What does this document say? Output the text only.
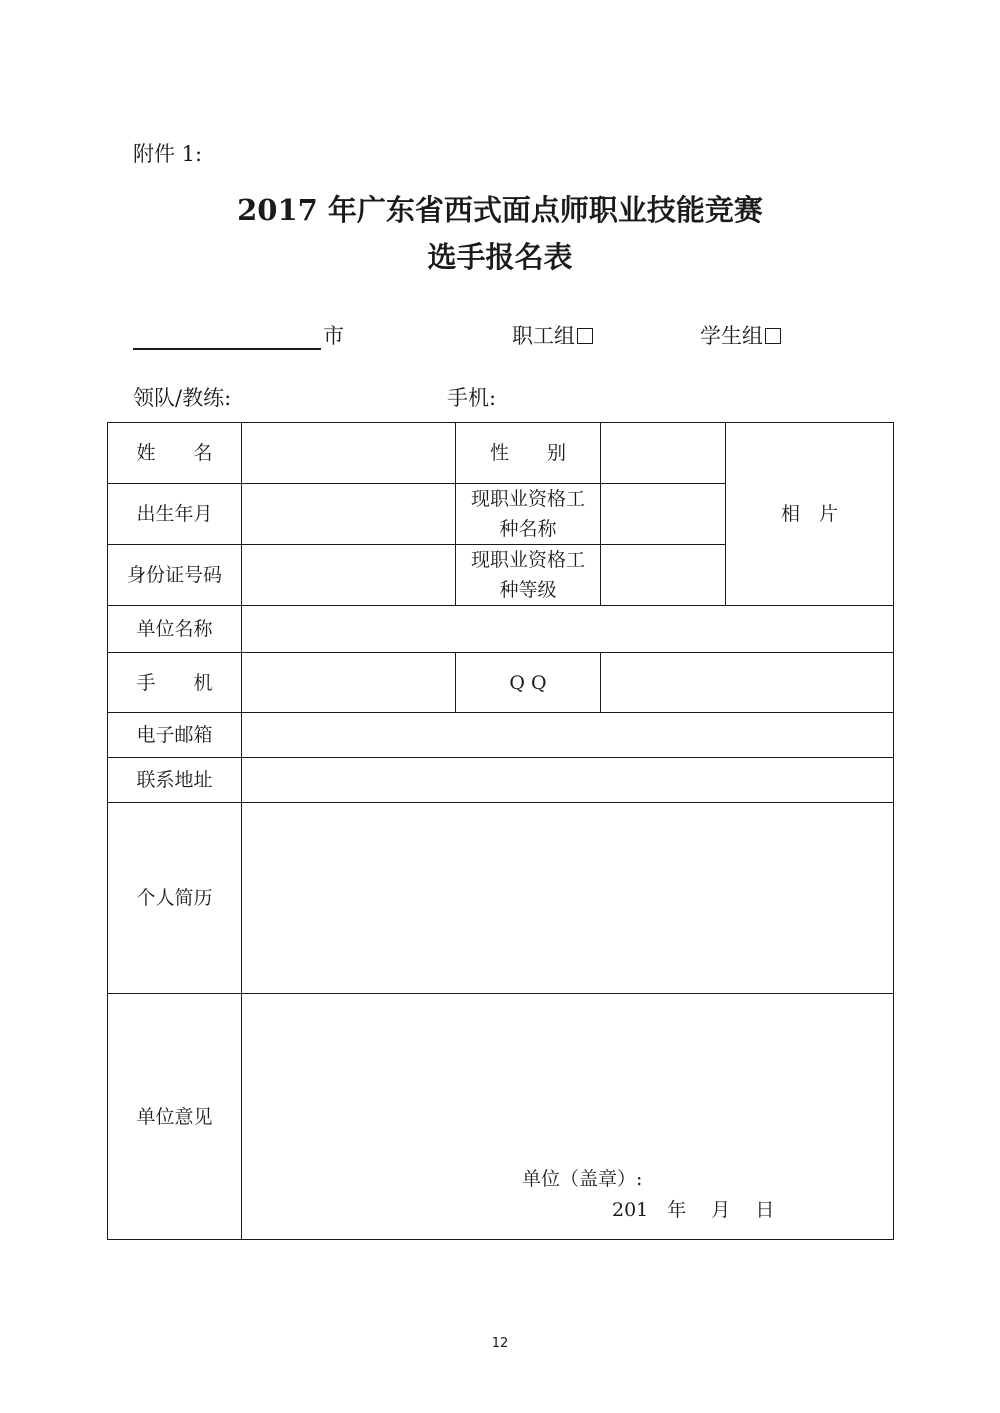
附件 1:
2017 年广东省西式面点师职业技能竞赛
选手报名表
市	职工组	学生组
领队/教练:	手机:
姓　　名		性　　别		相　片
出生年月		现职业资格工种名称		
身份证号码		现职业资格工种等级		
单位名称				
手　　机		Q Q		
电子邮箱				
联系地址				
个人简历				
单位意见				
单位（盖章）:
201　年　 月　 日
12
